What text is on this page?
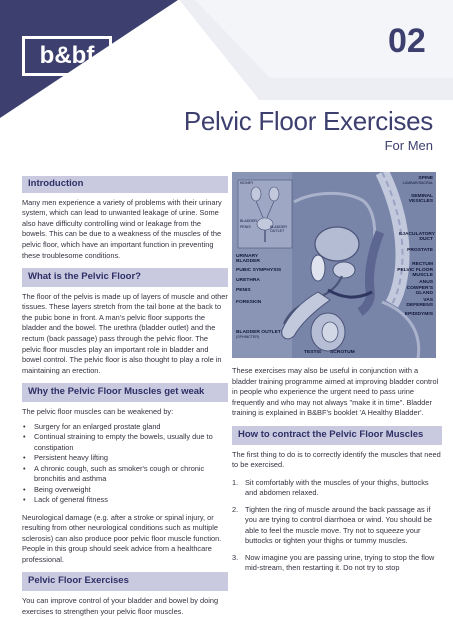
b&bf	02
Pelvic Floor Exercises
For Men
Introduction

Many men experience a variety of problems with their urinary system, which can lead to unwanted leakage of urine. Some also have difficulty controlling wind or leakage from the bowels. This can be due to a weakness of the muscles of the pelvic floor, which have an important function in preventing these troublesome conditions.

What is the Pelvic Floor?

The floor of the pelvis is made up of layers of muscle and other tissues. These layers stretch from the tail bone at the back to the pubic bone in front. A man's pelvic floor supports the bladder and the bowel. The urethra (bladder outlet) and the rectum (back passage) pass through the pelvic floor. The pelvic floor muscles play an important role in bladder and bowel control. The pelvic floor is also thought to play a role in maintaining an erection.

Why the Pelvic Floor Muscles get weak

The pelvic floor muscles can be weakened by:

• Surgery for an enlarged prostate gland
• Continual straining to empty the bowels, usually due to constipation
• Persistent heavy lifting
• A chronic cough, such as smoker's cough or chronic bronchitis and asthma
• Being overweight
• Lack of general fitness

Neurological damage (e.g. after a stroke or spinal injury, or resulting from other neurological conditions such as multiple sclerosis) can also produce poor pelvic floor muscle function. People in this group should seek advice from a healthcare professional.

Pelvic Floor Exercises

You can improve control of your bladder and bowel by doing exercises to strengthen your pelvic floor muscles.

KIDNEY
BLADDER
PENIS	BLADDER OUTLET
URINARY BLADDER
PUBIC SYMPHYSIS
URETHRA
PENIS
FORESKIN
BLADDER OUTLET (SPHINCTER)
SPINE
LUMBAR/SACRAL
SEMINAL VESICLES
EJACULATORY DUCT
PROSTATE
RECTUM
PELVIC FLOOR MUSCLE
ANUS
COWPER'S GLAND
VAS DEFERENS
EPIDIDYMIS
TESTIS SCROTUM

These exercises may also be useful in conjunction with a bladder training programme aimed at improving bladder control in people who experience the urgent need to pass urine frequently and who may not always "make it in time". Bladder training is explained in B&BF's booklet 'A Healthy Bladder'.

How to contract the Pelvic Floor Muscles

The first thing to do is to correctly identify the muscles that need to be exercised.

1. Sit comfortably with the muscles of your thighs, buttocks and abdomen relaxed.
2. Tighten the ring of muscle around the back passage as if you are trying to control diarrhoea or wind. You should be able to feel the muscle move. Try not to squeeze your buttocks or tighten your thighs or tummy muscles.
3. Now imagine you are passing urine, trying to stop the flow mid-stream, then restarting it. Do not try to stop
